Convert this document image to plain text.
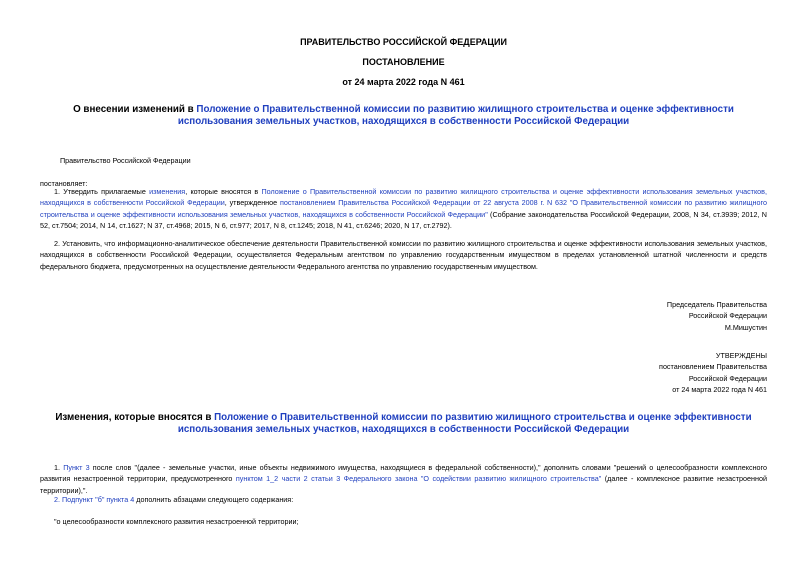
ПРАВИТЕЛЬСТВО РОССИЙСКОЙ ФЕДЕРАЦИИ
ПОСТАНОВЛЕНИЕ
от 24 марта 2022 года N 461
О внесении изменений в Положение о Правительственной комиссии по развитию жилищного строительства и оценке эффективности использования земельных участков, находящихся в собственности Российской Федерации
Правительство Российской Федерации
постановляет:
1. Утвердить прилагаемые изменения, которые вносятся в Положение о Правительственной комиссии по развитию жилищного строительства и оценке эффективности использования земельных участков, находящихся в собственности Российской Федерации, утвержденное постановлением Правительства Российской Федерации от 22 августа 2008 г. N 632 "О Правительственной комиссии по развитию жилищного строительства и оценке эффективности использования земельных участков, находящихся в собственности Российской Федерации" (Собрание законодательства Российской Федерации, 2008, N 34, ст.3939; 2012, N 52, ст.7504; 2014, N 14, ст.1627; N 37, ст.4968; 2015, N 6, ст.977; 2017, N 8, ст.1245; 2018, N 41, ст.6246; 2020, N 17, ст.2792).
2. Установить, что информационно-аналитическое обеспечение деятельности Правительственной комиссии по развитию жилищного строительства и оценке эффективности использования земельных участков, находящихся в собственности Российской Федерации, осуществляется Федеральным агентством по управлению государственным имуществом в пределах установленной штатной численности и средств федерального бюджета, предусмотренных на осуществление деятельности Федерального агентства по управлению государственным имуществом.
Председатель Правительства
Российской Федерации
М.Мишустин
УТВЕРЖДЕНЫ
постановлением Правительства
Российской Федерации
от 24 марта 2022 года N 461
Изменения, которые вносятся в Положение о Правительственной комиссии по развитию жилищного строительства и оценке эффективности использования земельных участков, находящихся в собственности Российской Федерации
1. Пункт 3 после слов "(далее - земельные участки, иные объекты недвижимого имущества, находящиеся в федеральной собственности)," дополнить словами "решений о целесообразности комплексного развития незастроенной территории, предусмотренного пунктом 1_2 части 2 статьи 3 Федерального закона "О содействии развитию жилищного строительства" (далее - комплексное развитие незастроенной территории),".
2. Подпункт "б" пункта 4 дополнить абзацами следующего содержания:
"о целесообразности комплексного развития незастроенной территории;
